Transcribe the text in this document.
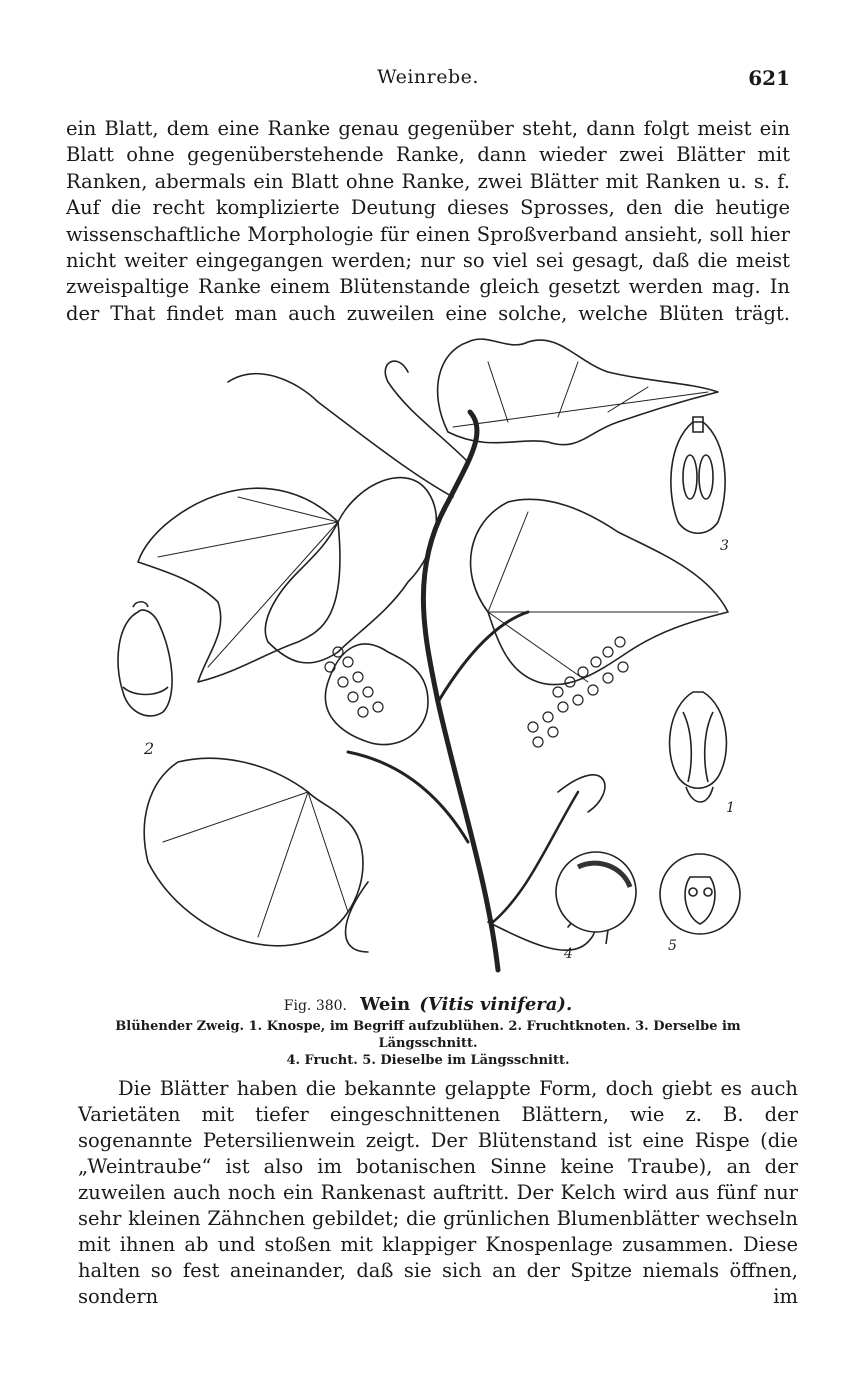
Weinrebe.	621

ein Blatt, dem eine Ranke genau gegenüber steht, dann folgt meist ein Blatt ohne gegenüberstehende Ranke, dann wieder zwei Blätter mit Ranken, abermals ein Blatt ohne Ranke, zwei Blätter mit Ranken u. s. f. Auf die recht komplizierte Deutung dieses Sprosses, den die heutige wissenschaftliche Morphologie für einen Sproßverband ansieht, soll hier nicht weiter eingegangen werden; nur so viel sei gesagt, daß die meist zweispaltige Ranke einem Blütenstande gleich gesetzt werden mag. In der That findet man auch zuweilen eine solche, welche Blüten trägt.

2
3
1
4	5
Fig. 380. Wein (Vitis vinifera).
Blühender Zweig. 1. Knospe, im Begriff aufzublühen. 2. Fruchtknoten. 3. Derselbe im Längsschnitt.
4. Frucht. 5. Dieselbe im Längsschnitt.

Die Blätter haben die bekannte gelappte Form, doch giebt es auch Varietäten mit tiefer eingeschnittenen Blättern, wie z. B. der sogenannte Petersilienwein zeigt. Der Blütenstand ist eine Rispe (die „Weintraube“ ist also im botanischen Sinne keine Traube), an der zuweilen auch noch ein Rankenast auftritt. Der Kelch wird aus fünf nur sehr kleinen Zähnchen gebildet; die grünlichen Blumenblätter wechseln mit ihnen ab und stoßen mit klappiger Knospenlage zusammen. Diese halten so fest aneinander, daß sie sich an der Spitze niemals öffnen, sondern im
